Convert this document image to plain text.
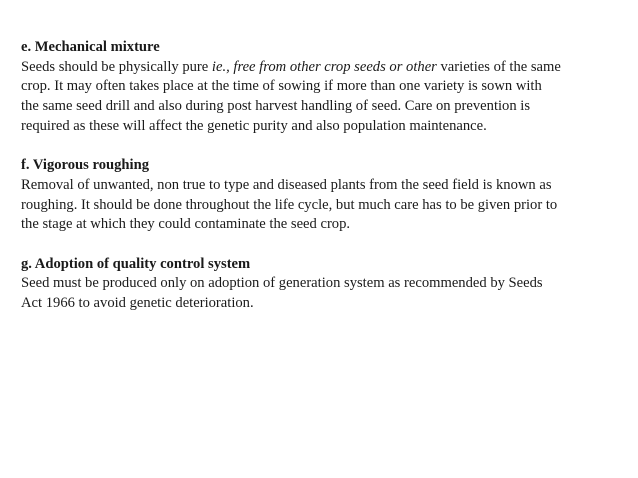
e. Mechanical mixture
Seeds should be physically pure ie., free from other crop seeds or other varieties of the same
crop. It may often takes place at the time of sowing if more than one variety is sown with
the same seed drill and also during post harvest handling of seed. Care on prevention is
required as these will affect the genetic purity and also population maintenance.
f. Vigorous roughing
Removal of unwanted, non true to type and diseased plants from the seed field is known as
roughing. It should be done throughout the life cycle, but much care has to be given prior to
the stage at which they could contaminate the seed crop.
g. Adoption of quality control system
Seed must be produced only on adoption of generation system as recommended by Seeds
Act 1966 to avoid genetic deterioration.
